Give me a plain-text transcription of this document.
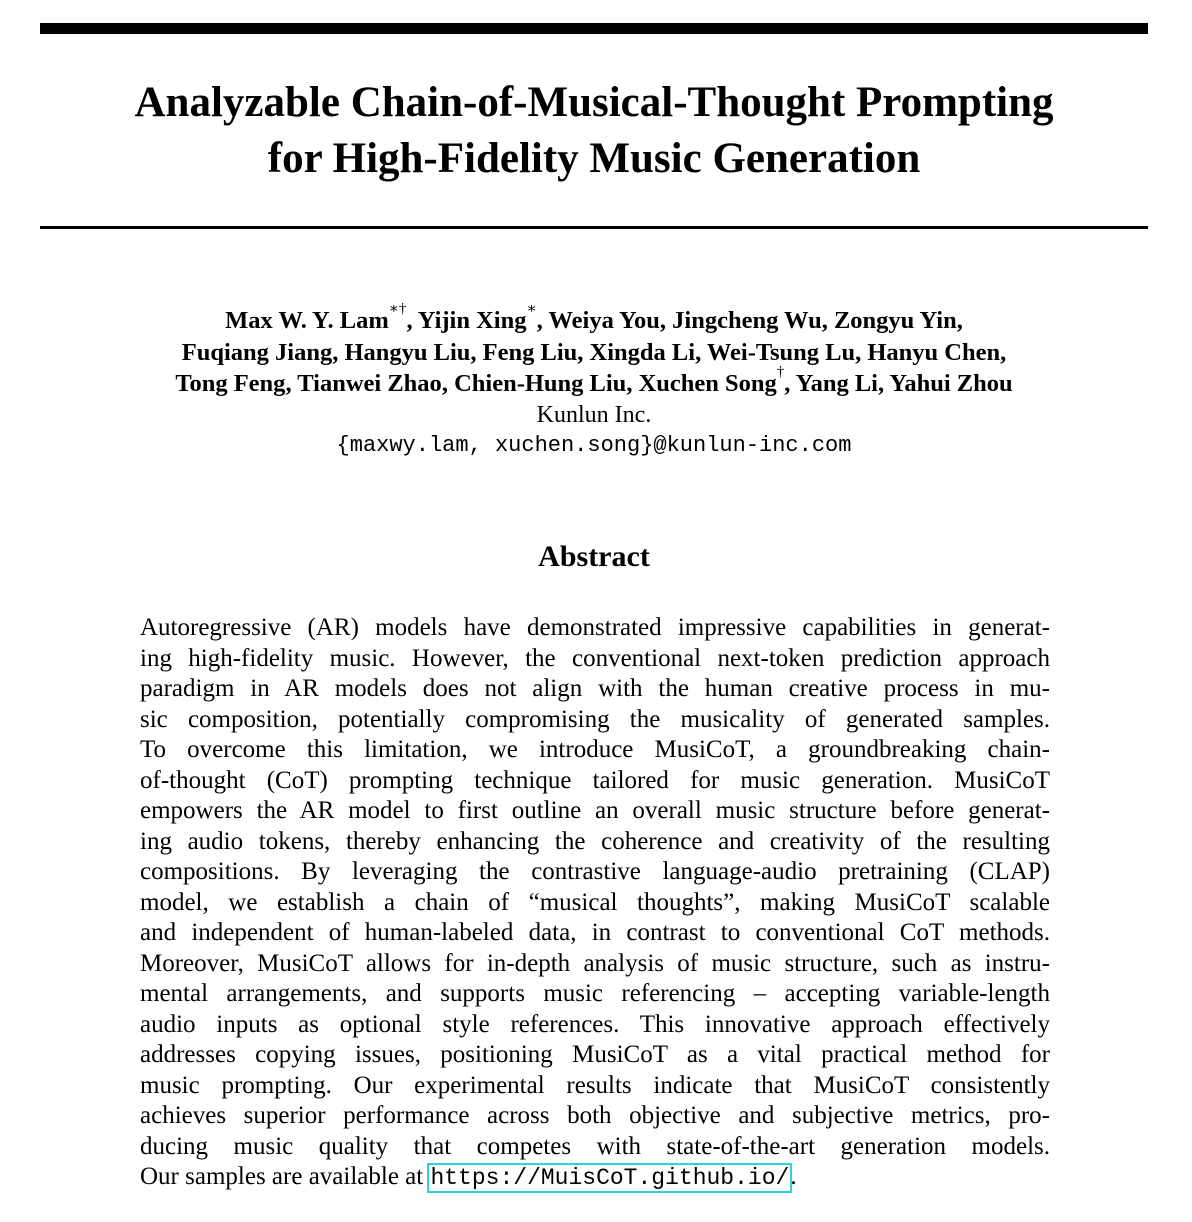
Analyzable Chain-of-Musical-Thought Prompting
for High-Fidelity Music Generation
Max W. Y. Lam∗†, Yijin Xing∗, Weiya You, Jingcheng Wu, Zongyu Yin,
Fuqiang Jiang, Hangyu Liu, Feng Liu, Xingda Li, Wei-Tsung Lu, Hanyu Chen,
Tong Feng, Tianwei Zhao, Chien-Hung Liu, Xuchen Song†, Yang Li, Yahui Zhou
Kunlun Inc.
{maxwy.lam, xuchen.song}@kunlun-inc.com
Abstract
Autoregressive (AR) models have demonstrated impressive capabilities in generat-
ing high-fidelity music. However, the conventional next-token prediction approach
paradigm in AR models does not align with the human creative process in mu-
sic composition, potentially compromising the musicality of generated samples.
To overcome this limitation, we introduce MusiCoT, a groundbreaking chain-
of-thought (CoT) prompting technique tailored for music generation. MusiCoT
empowers the AR model to first outline an overall music structure before generat-
ing audio tokens, thereby enhancing the coherence and creativity of the resulting
compositions. By leveraging the contrastive language-audio pretraining (CLAP)
model, we establish a chain of “musical thoughts”, making MusiCoT scalable
and independent of human-labeled data, in contrast to conventional CoT methods.
Moreover, MusiCoT allows for in-depth analysis of music structure, such as instru-
mental arrangements, and supports music referencing – accepting variable-length
audio inputs as optional style references. This innovative approach effectively
addresses copying issues, positioning MusiCoT as a vital practical method for
music prompting. Our experimental results indicate that MusiCoT consistently
achieves superior performance across both objective and subjective metrics, pro-
ducing music quality that competes with state-of-the-art generation models.
Our samples are available at https://MuisCoT.github.io/.
